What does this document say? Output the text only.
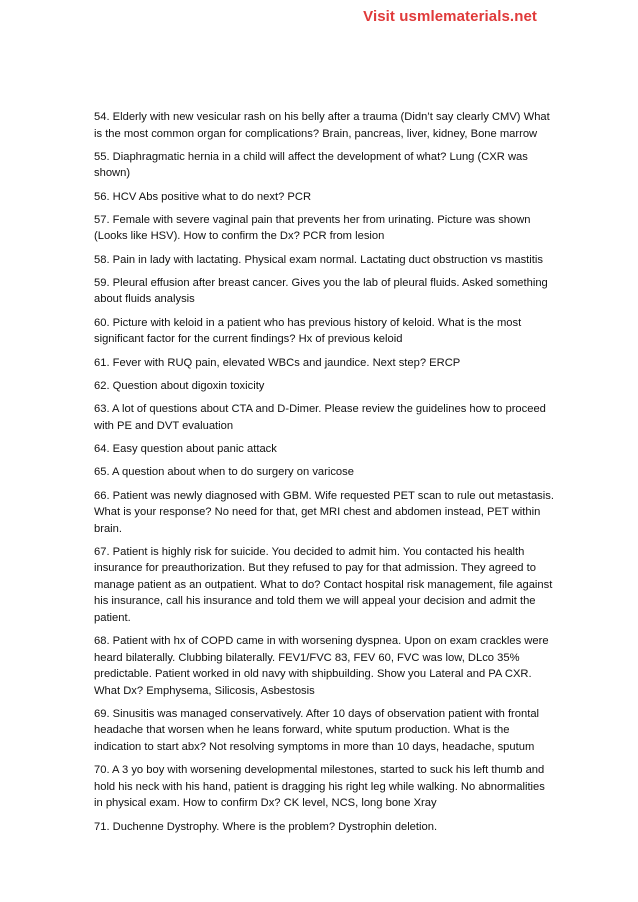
Visit usmlematerials.net

54. Elderly with new vesicular rash on his belly after a trauma (Didn’t say clearly CMV) What is the most common organ for complications? Brain, pancreas, liver, kidney, Bone marrow

55. Diaphragmatic hernia in a child will affect the development of what? Lung (CXR was shown)

56. HCV Abs positive what to do next? PCR

57. Female with severe vaginal pain that prevents her from urinating. Picture was shown (Looks like HSV). How to confirm the Dx? PCR from lesion

58. Pain in lady with lactating. Physical exam normal. Lactating duct obstruction vs mastitis

59. Pleural effusion after breast cancer. Gives you the lab of pleural fluids. Asked something about fluids analysis

60. Picture with keloid in a patient who has previous history of keloid. What is the most significant factor for the current findings? Hx of previous keloid

61. Fever with RUQ pain, elevated WBCs and jaundice. Next step? ERCP

62. Question about digoxin toxicity

63. A lot of questions about CTA and D-Dimer. Please review the guidelines how to proceed with PE and DVT evaluation

64. Easy question about panic attack

65. A question about when to do surgery on varicose

66. Patient was newly diagnosed with GBM. Wife requested PET scan to rule out metastasis. What is your response? No need for that, get MRI chest and abdomen instead, PET within brain.

67. Patient is highly risk for suicide. You decided to admit him. You contacted his health insurance for preauthorization. But they refused to pay for that admission. They agreed to manage patient as an outpatient. What to do? Contact hospital risk management, file against his insurance, call his insurance and told them we will appeal your decision and admit the patient.

68. Patient with hx of COPD came in with worsening dyspnea. Upon on exam crackles were heard bilaterally. Clubbing bilaterally. FEV1/FVC 83, FEV 60, FVC was low, DLco 35% predictable. Patient worked in old navy with shipbuilding. Show you Lateral and PA CXR. What Dx? Emphysema, Silicosis, Asbestosis

69. Sinusitis was managed conservatively. After 10 days of observation patient with frontal headache that worsen when he leans forward, white sputum production. What is the indication to start abx? Not resolving symptoms in more than 10 days, headache, sputum

70. A 3 yo boy with worsening developmental milestones, started to suck his left thumb and hold his neck with his hand, patient is dragging his right leg while walking. No abnormalities in physical exam. How to confirm Dx? CK level, NCS, long bone Xray

71. Duchenne Dystrophy. Where is the problem? Dystrophin deletion.
